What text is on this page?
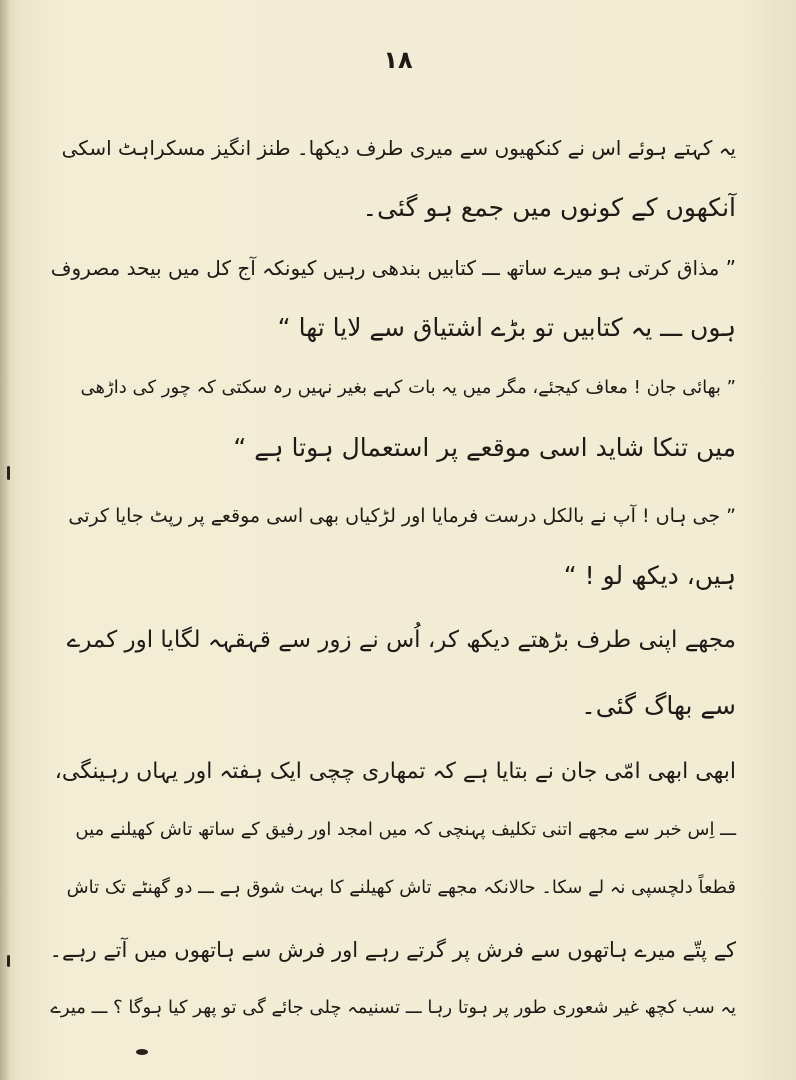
۱۸
یہ کہتے ہوئے اس نے کنکھیوں سے میری طرف دیکھا۔ طنز انگیز مسکراہٹ اسکی
آنکھوں کے کونوں میں جمع ہو گئی۔
” مذاق کرتی ہو میرے ساتھ ـــ کتابیں بندھی رہیں کیونکہ آج کل میں بیحد مصروف
ہوں ـــ یہ کتابیں تو بڑے اشتیاق سے لایا تھا “
” بھائی جان ! معاف کیجئے، مگر میں یہ بات کہے بغیر نہیں رہ سکتی کہ چور کی داڑھی
میں تنکا شاید اسی موقعے پر استعمال ہوتا ہے “
” جی ہاں ! آپ نے بالکل درست فرمایا اور لڑکیاں بھی اسی موقعے پر رپٹ جایا کرتی
ہیں، دیکھ لو ! “
مجھے اپنی طرف بڑھتے دیکھ کر، اُس نے زور سے قہقہہ لگایا اور کمرے
سے بھاگ گئی۔
ابھی ابھی امّی جان نے بتایا ہے کہ تمھاری چچی ایک ہفتہ اور یہاں رہینگی،
ـــ اِس خبر سے مجھے اتنی تکلیف پہنچی کہ میں امجد اور رفیق کے ساتھ تاش کھیلنے میں
قطعاً دلچسپی نہ لے سکا۔ حالانکہ مجھے تاش کھیلنے کا بہت شوق ہے ـــ دو گھنٹے تک تاش
کے پتّے میرے ہاتھوں سے فرش پر گرتے رہے اور فرش سے ہاتھوں میں آتے رہے۔
یہ سب کچھ غیر شعوری طور پر ہوتا رہا ـــ تسنیمہ چلی جائے گی تو پھر کیا ہوگا ؟ ـــ میرے
